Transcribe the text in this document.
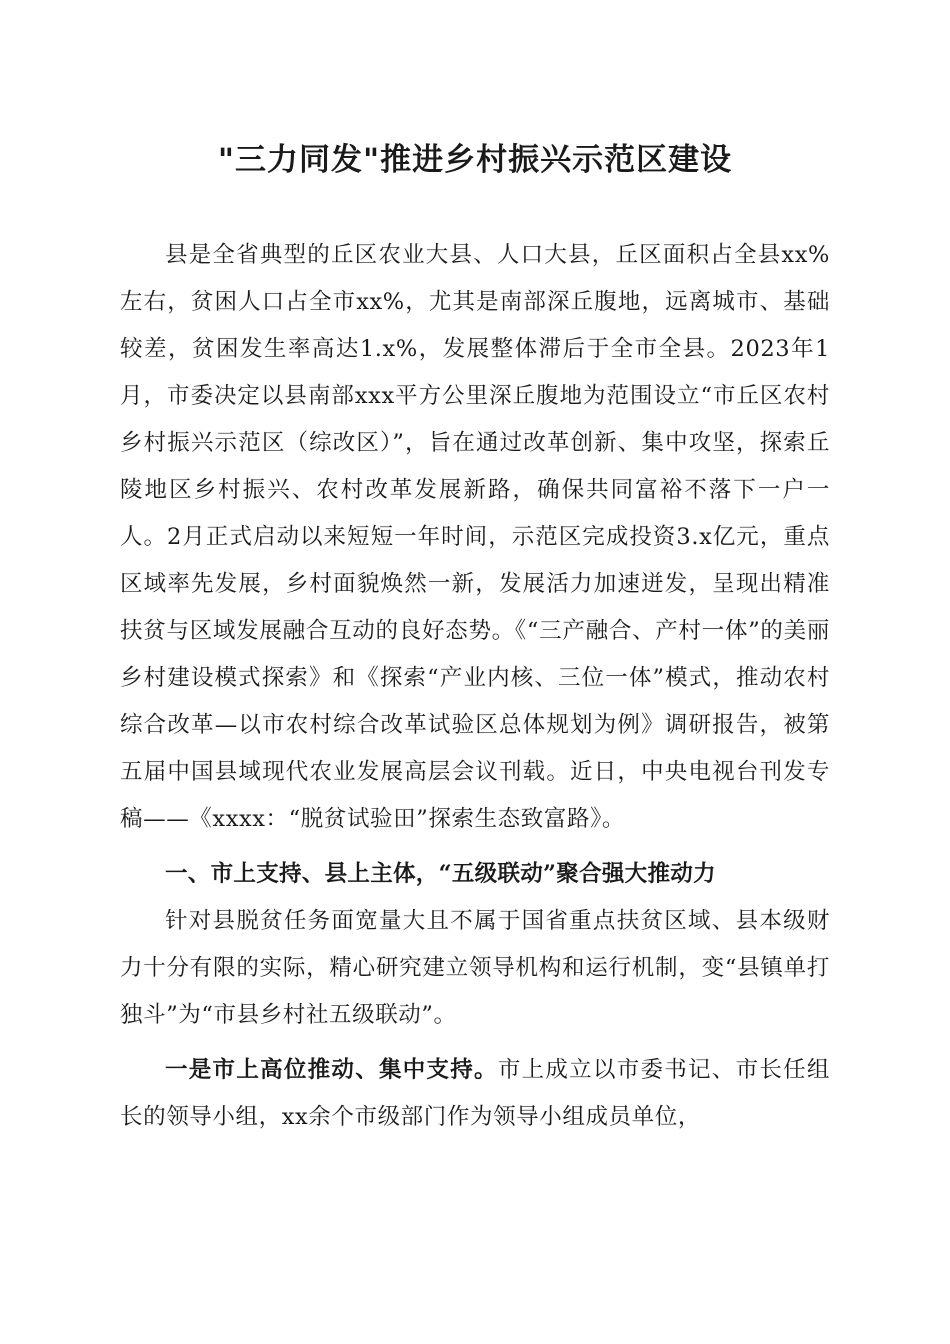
"三力同发"推进乡村振兴示范区建设

县是全省典型的丘区农业大县、人口大县，丘区面积占全县xx%左右，贫困人口占全市xx%，尤其是南部深丘腹地，远离城市、基础较差，贫困发生率高达1.x%，发展整体滞后于全市全县。2023年1月，市委决定以县南部xxx平方公里深丘腹地为范围设立“市丘区农村乡村振兴示范区（综改区）”，旨在通过改革创新、集中攻坚，探索丘陵地区乡村振兴、农村改革发展新路，确保共同富裕不落下一户一人。2月正式启动以来短短一年时间，示范区完成投资3.x亿元，重点区域率先发展，乡村面貌焕然一新，发展活力加速迸发，呈现出精准扶贫与区域发展融合互动的良好态势。《“三产融合、产村一体”的美丽乡村建设模式探索》和《探索“产业内核、三位一体”模式，推动农村综合改革—以市农村综合改革试验区总体规划为例》调研报告，被第五届中国县域现代农业发展高层会议刊载。近日，中央电视台刊发专稿——《xxxx：“脱贫试验田”探索生态致富路》。

一、市上支持、县上主体，“五级联动”聚合强大推动力

针对县脱贫任务面宽量大且不属于国省重点扶贫区域、县本级财力十分有限的实际，精心研究建立领导机构和运行机制，变“县镇单打独斗”为“市县乡村社五级联动”。

一是市上高位推动、集中支持。市上成立以市委书记、市长任组长的领导小组，xx余个市级部门作为领导小组成员单位，
